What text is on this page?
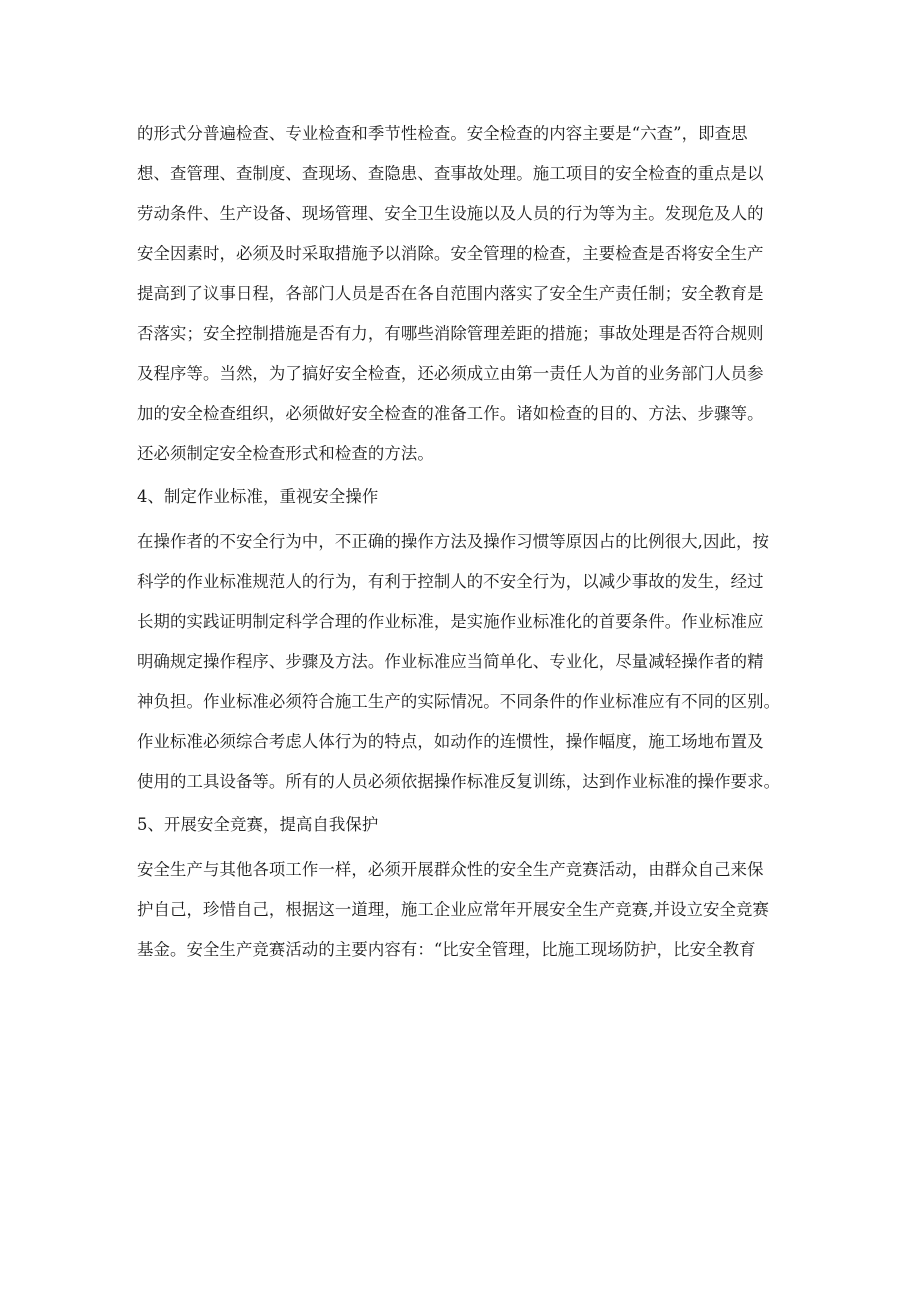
的形式分普遍检查、专业检查和季节性检查。安全检查的内容主要是“六查”，即查思
想、查管理、查制度、查现场、查隐患、查事故处理。施工项目的安全检查的重点是以
劳动条件、生产设备、现场管理、安全卫生设施以及人员的行为等为主。发现危及人的
安全因素时，必须及时采取措施予以消除。安全管理的检查，主要检查是否将安全生产
提高到了议事日程，各部门人员是否在各自范围内落实了安全生产责任制；安全教育是
否落实；安全控制措施是否有力，有哪些消除管理差距的措施；事故处理是否符合规则
及程序等。当然，为了搞好安全检查，还必须成立由第一责任人为首的业务部门人员参
加的安全检查组织，必须做好安全检查的准备工作。诸如检查的目的、方法、步骤等。
还必须制定安全检查形式和检查的方法。
4、制定作业标准，重视安全操作
在操作者的不安全行为中，不正确的操作方法及操作习惯等原因占的比例很大,因此，按
科学的作业标准规范人的行为，有利于控制人的不安全行为，以减少事故的发生，经过
长期的实践证明制定科学合理的作业标准，是实施作业标准化的首要条件。作业标准应
明确规定操作程序、步骤及方法。作业标准应当简单化、专业化，尽量减轻操作者的精
神负担。作业标准必须符合施工生产的实际情况。不同条件的作业标准应有不同的区别。
作业标准必须综合考虑人体行为的特点，如动作的连惯性，操作幅度，施工场地布置及
使用的工具设备等。所有的人员必须依据操作标准反复训练，达到作业标准的操作要求。
5、开展安全竞赛，提高自我保护
安全生产与其他各项工作一样，必须开展群众性的安全生产竞赛活动，由群众自己来保
护自己，珍惜自己，根据这一道理，施工企业应常年开展安全生产竞赛,并设立安全竞赛
基金。安全生产竞赛活动的主要内容有：“比安全管理，比施工现场防护，比安全教育
